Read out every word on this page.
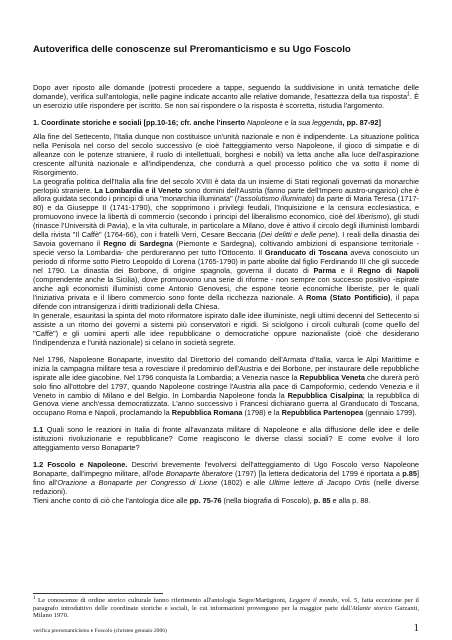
Autoverifica delle conoscenze sul Preromanticismo e su Ugo Foscolo

Dopo aver riposto alle domande (potresti procedere a tappe, seguendo la suddivisione in unità tematiche delle domande), verifica sull'antologia, nelle pagine indicate accanto alle relative domande, l'esattezza della tua risposta$^1$. È un esercizio utile rispondere per iscritto. Se non sai rispondere o la risposta è scorretta, ristudia l'argomento.

1. Coordinate storiche e sociali [pp.10-16; cfr. anche l'inserto Napoleone e la sua leggenda, pp. 87-92]

Alla fine del Settecento, l'Italia dunque non costituisce un'unità nazionale e non è indipendente. La situazione politica nella Penisola nel corso del secolo successivo (e cioè l'atteggiamento verso Napoleone, il gioco di simpatie e di alleanze con le potenze straniere, il ruolo di intellettuali, borghesi e nobili) va letta anche alla luce dell'aspirazione crescente all'unità nazionale e all'indipendenza, che condurrà a quel processo politico che va sotto il nome di Risorgimento.

La geografia politica dell'Italia alla fine del secolo XVIII è data da un insieme di Stati regionali governati da monarchie perlopiù straniere. La Lombardia e il Veneto sono domini dell'Austria (fanno parte dell'Impero austro-ungarico) che è allora guidata secondo i principi di una "monarchia illuminata" (l'assolutismo illuminato) da parte di Maria Teresa (1717-80) e da Giuseppe II (1741-1790), che sopprimono i privilegi feudali, l'Inquisizione e la censura ecclesiastica, e promuovono invece la libertà di commercio (secondo i principi del liberalismo economico, cioè del liberismo), gli studi (rinasce l'Università di Pavia), e la vita culturale, in particolare a Milano, dove è attivo il circolo degli illuministi lombardi della rivista "Il Caffè" (1764-66), con i fratelli Verri, Cesare Beccaria (Dei delitti e delle pene). I reali della dinastia dei Savoia governano il Regno di Sardegna (Piemonte e Sardegna), coltivando ambizioni di espansione territoriale -specie verso la Lombardia- che perdureranno per tutto l'Ottocento. Il Granducato di Toscana aveva conosciuto un periodo di riforme sotto Pietro Leopoldo di Lorena (1765-1790) in parte abolite dal figlio Ferdinando III che gli succede nel 1790. La dinastia dei Borbone, di origine spagnola, governa il ducato di Parma e il Regno di Napoli (comprendente anche la Sicilia), dove promuovono una serie di riforme - non sempre con successo positivo -ispirate anche agli economisti illuministi come Antonio Genovesi, che espone teorie economiche liberiste, per le quali l'iniziativa privata e il libero commercio sono fonte della ricchezza nazionale. A Roma (Stato Pontificio), il papa difende con intransigenza i diritti tradizionali della Chiesa.

In generale, esauritasi la spinta del moto riformatore ispirato dalle idee illuministe, negli ultimi decenni del Settecento si assiste a un ritorno dei governi a sistemi più conservatori e rigidi. Si sciolgono i circoli culturali (come quello del "Caffè") e gli uomini aperti alle idee repubblicane o democratiche oppure nazionaliste (cioè che desiderano l'indipendenza e l'unità nazionale) si celano in società segrete.

Nel 1796, Napoleone Bonaparte, investito dal Direttorio del comando dell'Armata d'Italia, varca le Alpi Marittime e inizia la campagna militare tesa a rovesciare il predominio dell'Austria e dei Borbone, per instaurare delle repubbliche ispirate alle idee giacobine. Nel 1796 conquista la Lombardia; a Venezia nasce la Repubblica Veneta che durerà però solo fino all'ottobre del 1797, quando Napoleone costringe l'Austria alla pace di Campoformio, cedendo Venezia e il Veneto in cambio di Milano e del Belgio. In Lombardia Napoleone fonda la Repubblica Cisalpina; la repubblica di Genova viene anch'essa democratizzata. L'anno successivo i Francesi dichiarano guerra al Granducato di Toscana, occupano Roma e Napoli, proclamando la Repubblica Romana (1798) e la Repubblica Partenopea (gennaio 1799).

1.1 Quali sono le reazioni in Italia di fronte all'avanzata militare di Napoleone e alla diffusione delle idee e delle istituzioni rivoluzionarie e repubblicane? Come reagiscono le diverse classi sociali? E come evolve il loro atteggiamento verso Bonaparte?

1.2 Foscolo e Napoleone. Descrivi brevemente l'evolversi dell'atteggiamento di Ugo Foscolo verso Napoleone Bonaparte, dall'impegno militare, all'ode Bonaparte liberatore (1797) [la lettera dedicatoria del 1799 è riportata a p.85] fino all'Orazione a Bonaparte per Congresso di Lione (1802) e alle Ultime lettere di Jacopo Ortis (nelle diverse redazioni).
Tieni anche conto di ciò che l'antologia dice alle pp. 75-76 (nella biografia di Foscolo), p. 85 e alla p. 88.

$^1$ Le conoscenze di ordine storico culturale fanno riferimento all'antologia Segre/Martignoni, Leggere il mondo, vol. 5, fatta eccezione per il paragrafo introduttivo delle coordinate storiche e sociali, le cui informazioni provengono per la maggior parte dall'Atlante storico Garzanti, Milano 1970.
verifica preromanticismo e Foscolo (christen gennaio 2006)	1
